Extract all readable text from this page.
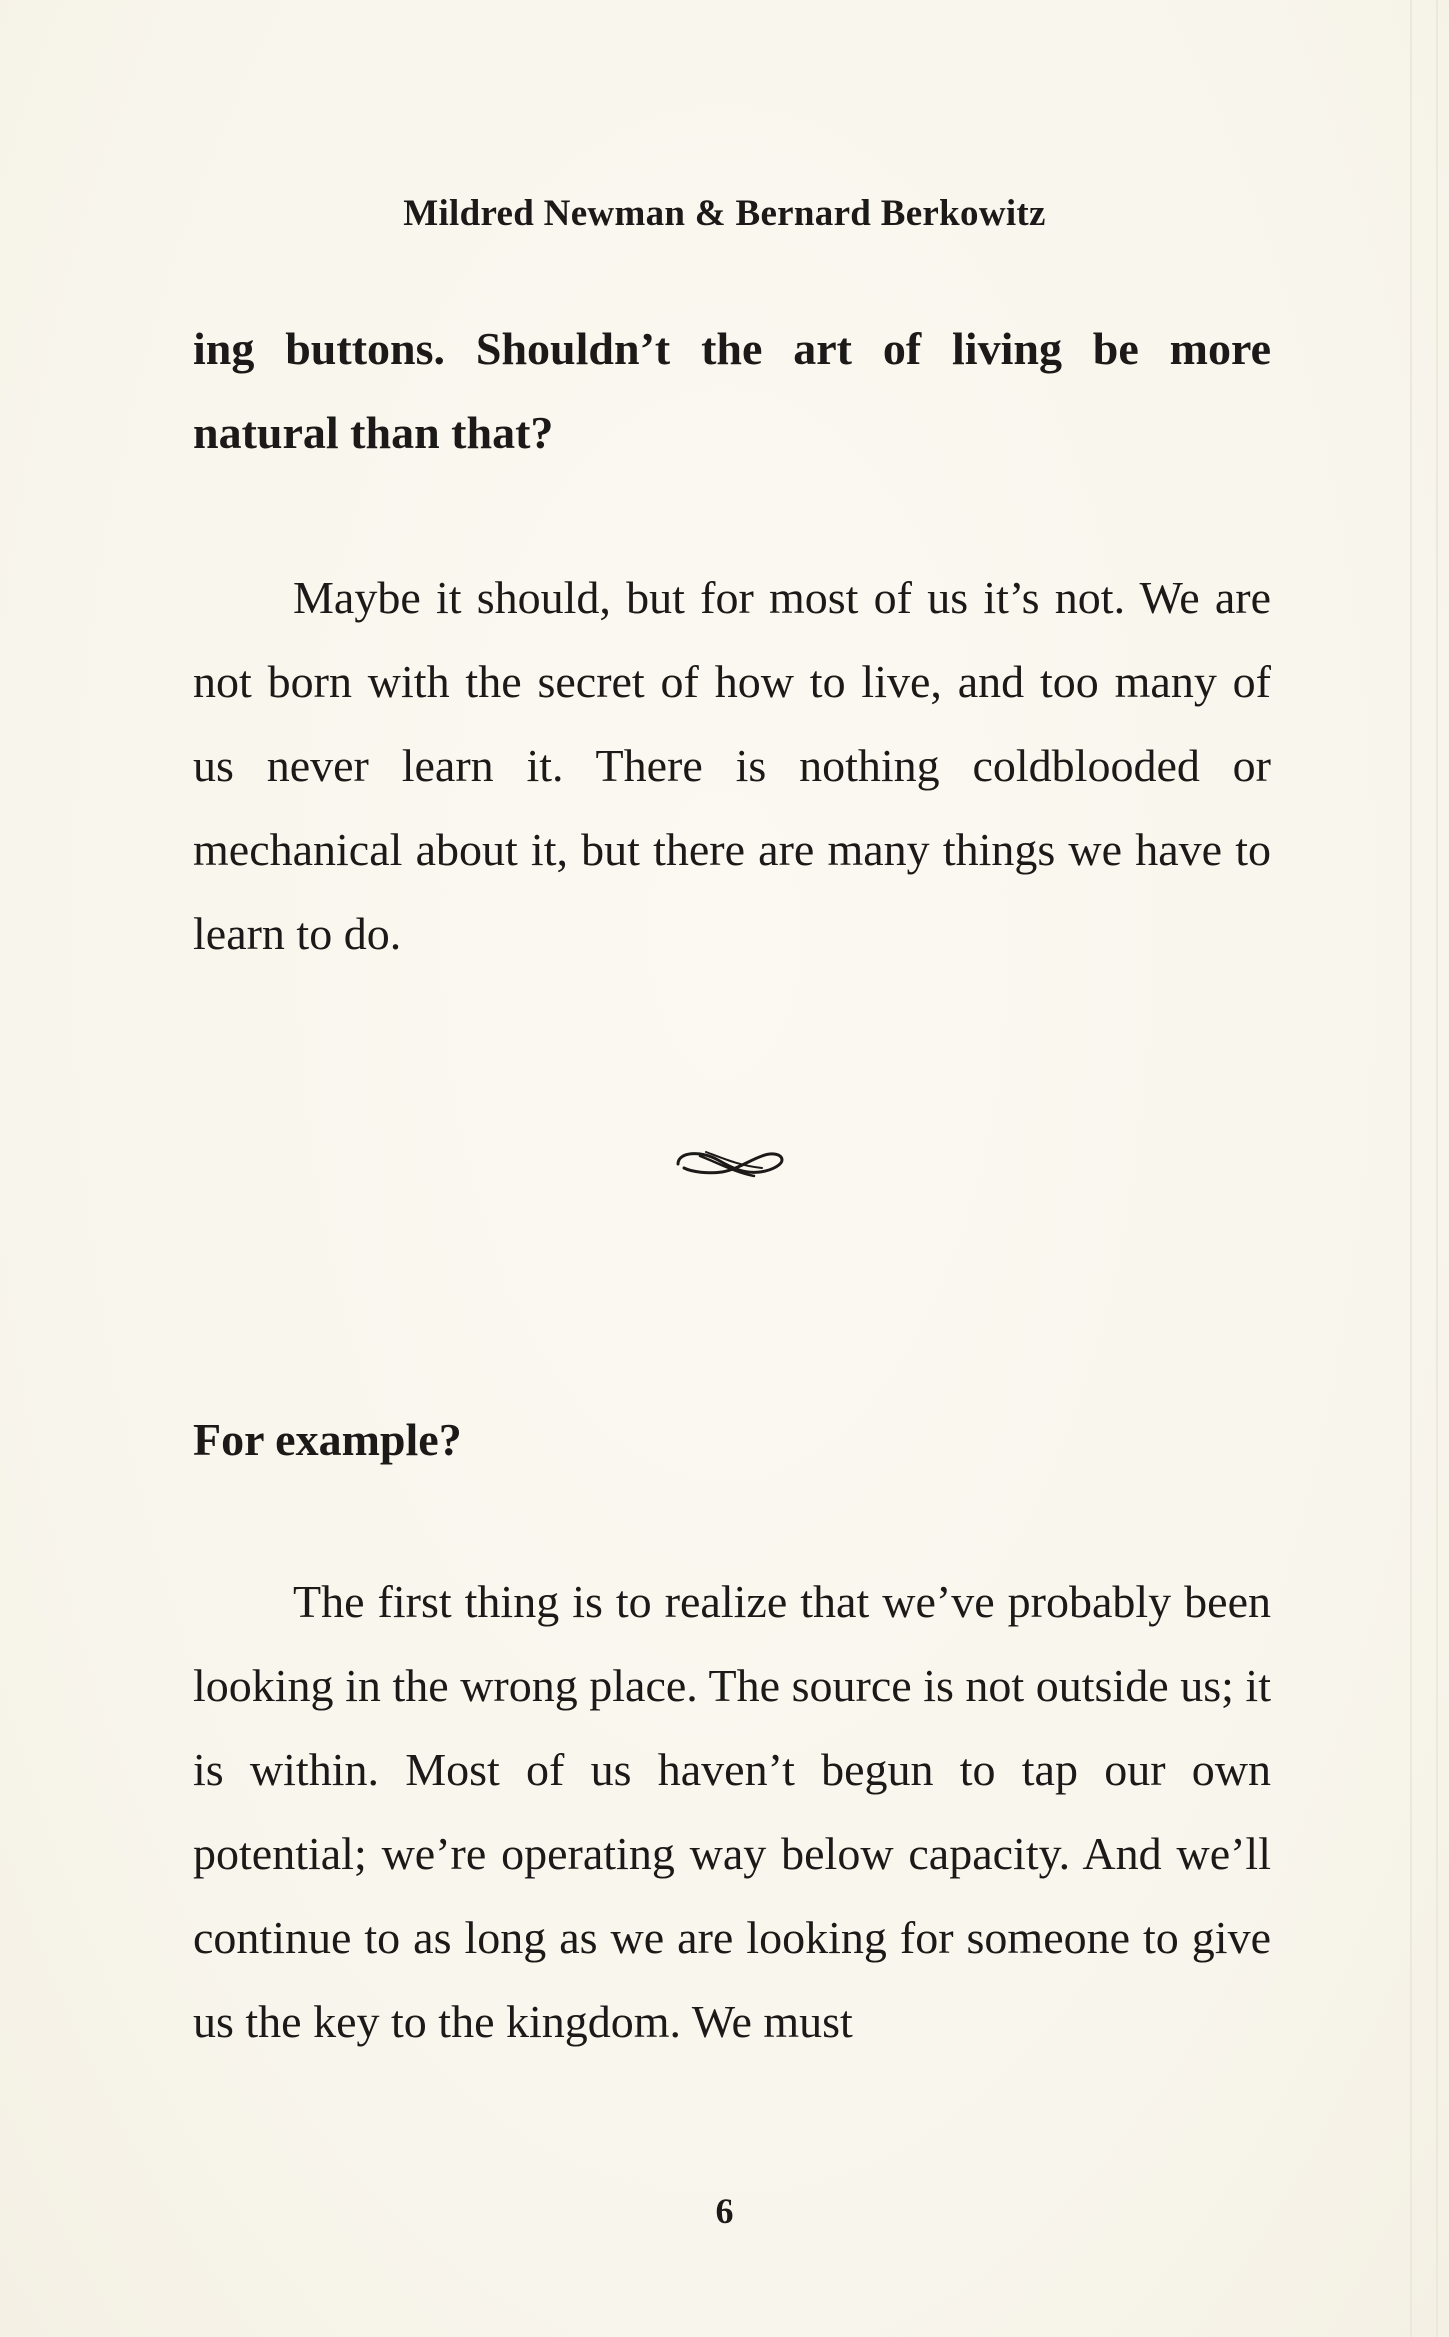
Mildred Newman & Bernard Berkowitz

ing buttons. Shouldn’t the art of living be more natural than that?

Maybe it should, but for most of us it’s not. We are not born with the secret of how to live, and too many of us never learn it. There is nothing coldblooded or mechanical about it, but there are many things we have to learn to do.

For example?

The first thing is to realize that we’ve probably been looking in the wrong place. The source is not outside us; it is within. Most of us haven’t begun to tap our own potential; we’re operating way below capacity. And we’ll continue to as long as we are looking for someone to give us the key to the kingdom. We must

6
